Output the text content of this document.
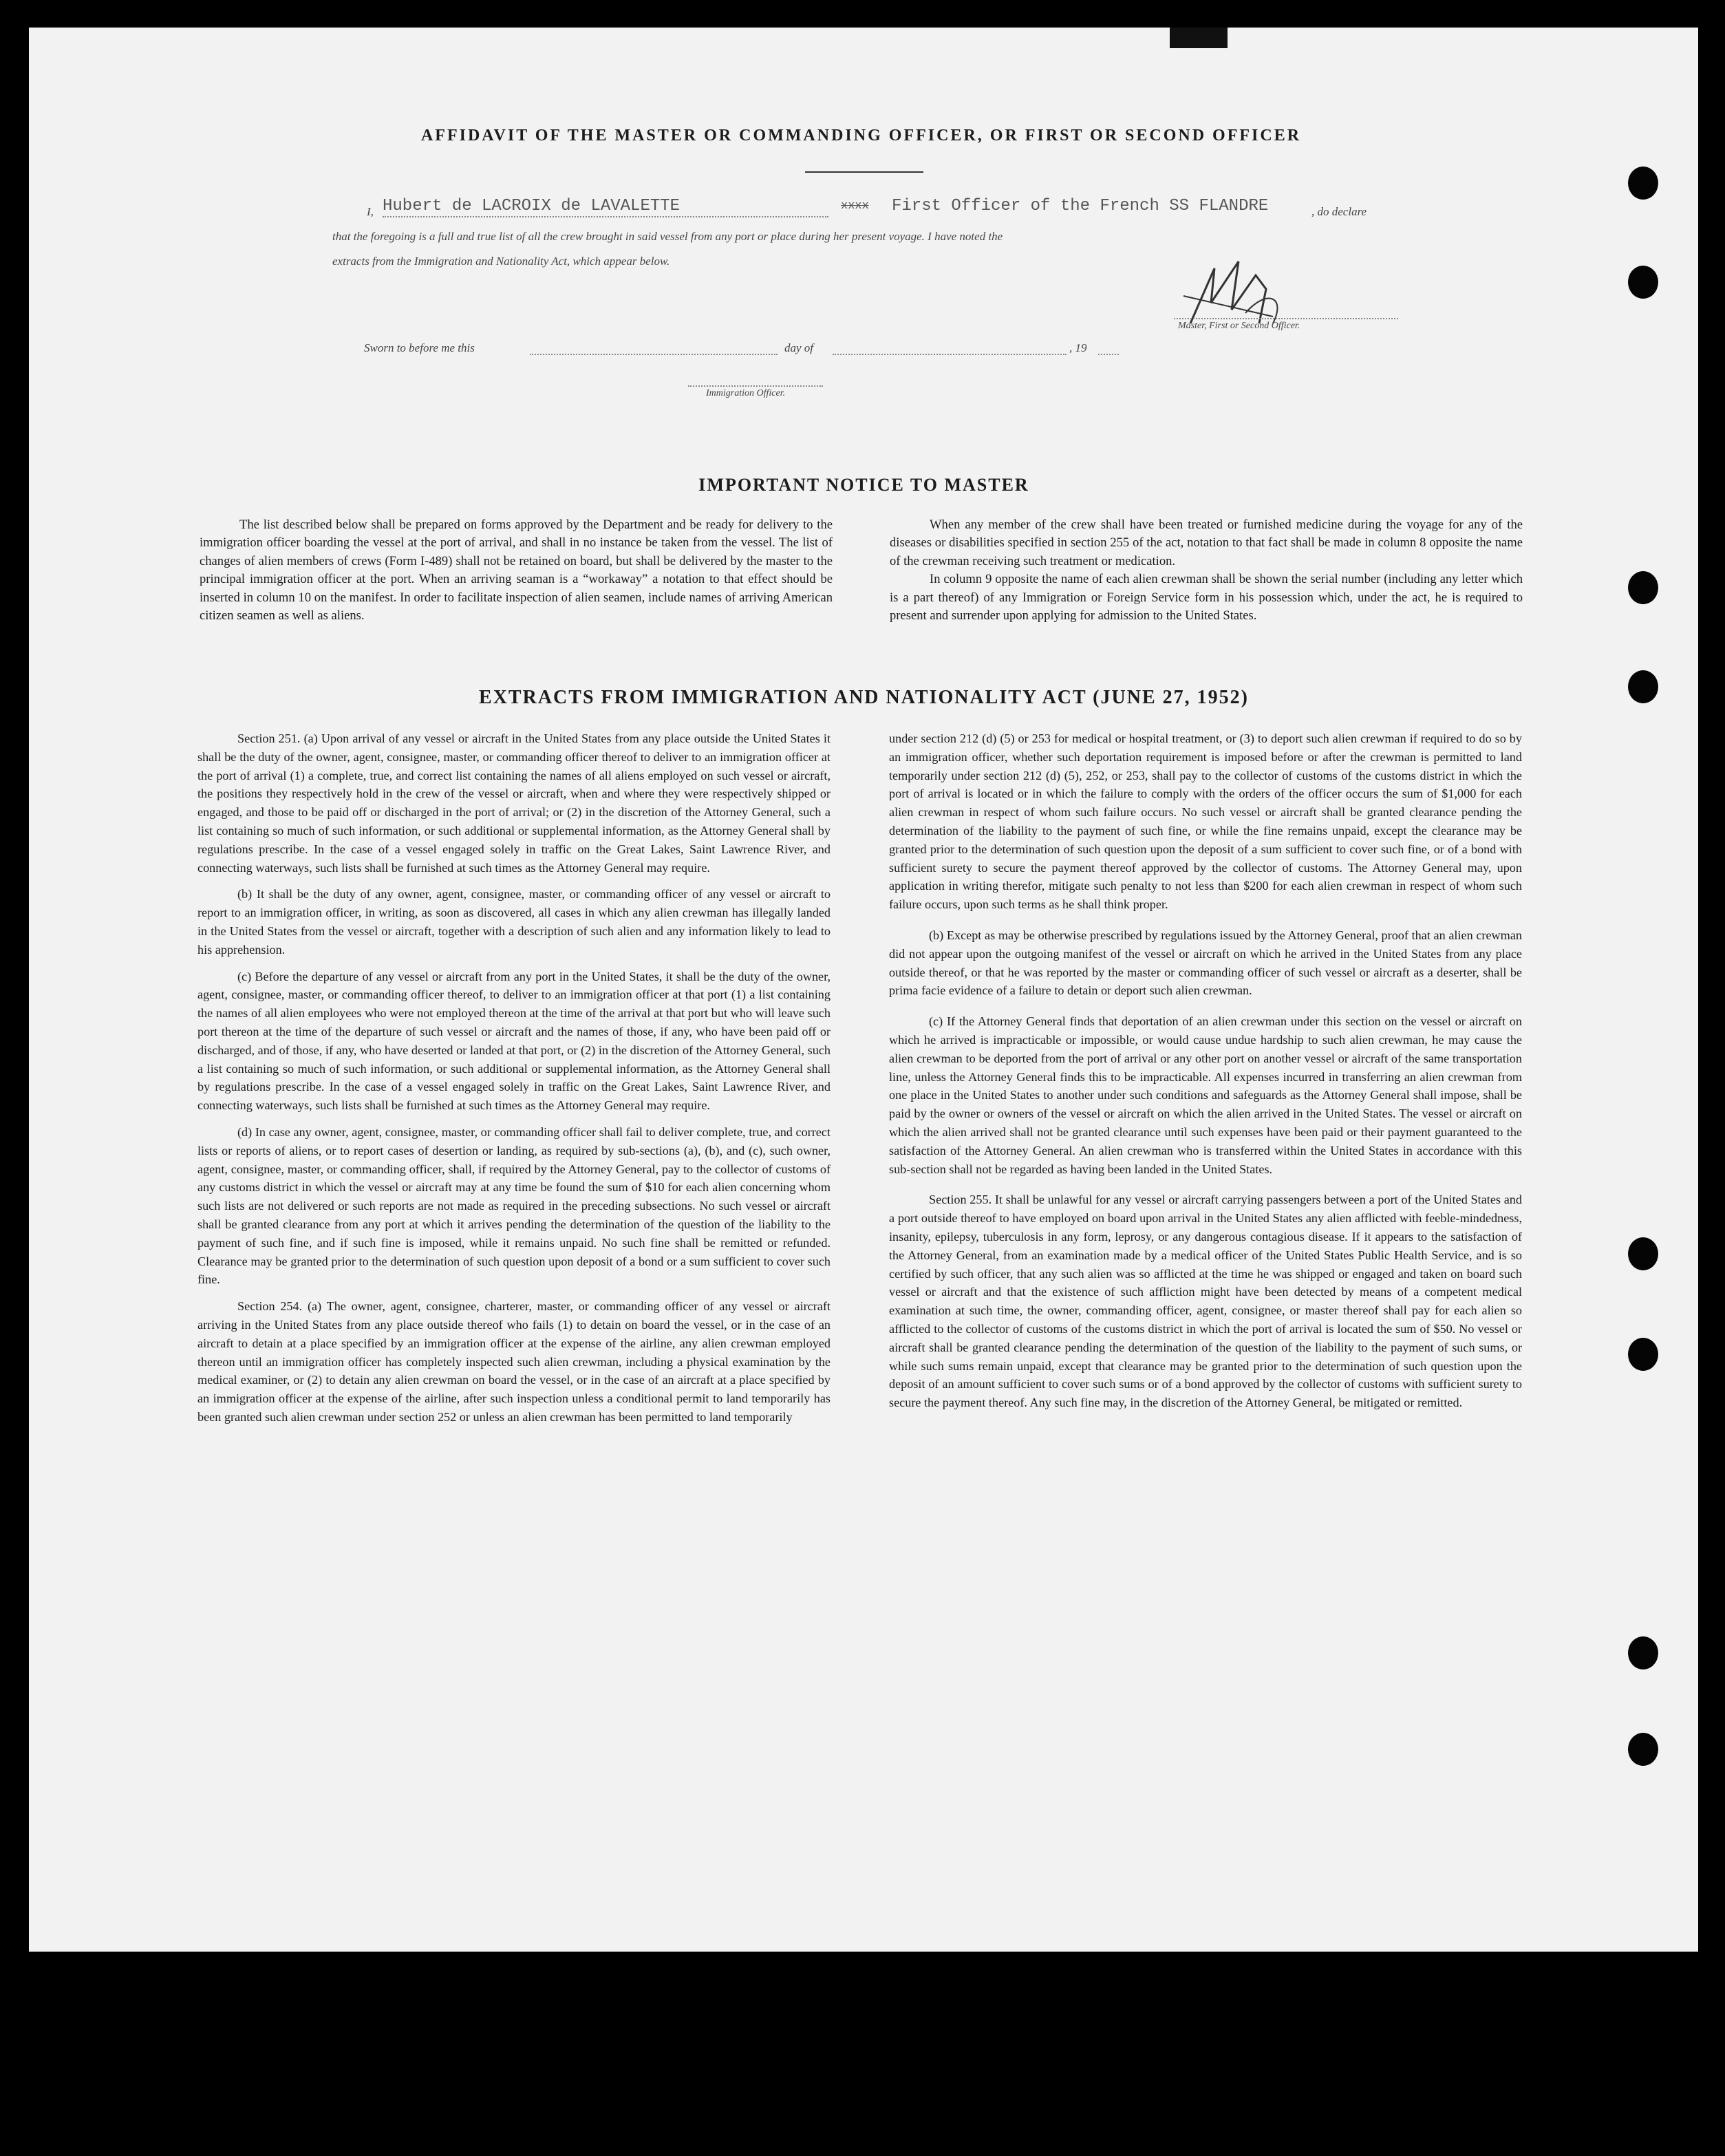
AFFIDAVIT OF THE MASTER OR COMMANDING OFFICER, OR FIRST OR SECOND OFFICER
I, Hubert de LACROIX de LAVALETTE	xxxx First Officer of the French SS FLANDRE	, do declare
that the foregoing is a full and true list of all the crew brought in said vessel from any port or place during her present voyage. I have noted the
extracts from the Immigration and Nationality Act, which appear below.
Master, First or Second Officer.
Sworn to before me this	day of	, 19
Immigration Officer.
IMPORTANT NOTICE TO MASTER

The list described below shall be prepared on forms approved by the Department and be ready for delivery to the immigration officer boarding the vessel at the port of arrival, and shall in no instance be taken from the vessel. The list of changes of alien members of crews (Form I-489) shall not be retained on board, but shall be delivered by the master to the principal immigration officer at the port. When an arriving seaman is a “workaway” a notation to that effect should be inserted in column 10 on the manifest. In order to facilitate inspection of alien seamen, include names of arriving American citizen seamen as well as aliens.

When any member of the crew shall have been treated or furnished medicine during the voyage for any of the diseases or disabilities specified in section 255 of the act, notation to that fact shall be made in column 8 opposite the name of the crewman receiving such treatment or medication.

In column 9 opposite the name of each alien crewman shall be shown the serial number (including any letter which is a part thereof) of any Immigration or Foreign Service form in his possession which, under the act, he is required to present and surrender upon applying for admission to the United States.

EXTRACTS FROM IMMIGRATION AND NATIONALITY ACT (JUNE 27, 1952)

Section 251. (a) Upon arrival of any vessel or aircraft in the United States from any place outside the United States it shall be the duty of the owner, agent, consignee, master, or commanding officer thereof to deliver to an immigration officer at the port of arrival (1) a complete, true, and correct list containing the names of all aliens employed on such vessel or aircraft, the positions they respectively hold in the crew of the vessel or aircraft, when and where they were respectively shipped or engaged, and those to be paid off or discharged in the port of arrival; or (2) in the discretion of the Attorney General, such a list containing so much of such information, or such additional or supplemental information, as the Attorney General shall by regulations prescribe. In the case of a vessel engaged solely in traffic on the Great Lakes, Saint Lawrence River, and connecting waterways, such lists shall be furnished at such times as the Attorney General may require.

(b) It shall be the duty of any owner, agent, consignee, master, or commanding officer of any vessel or aircraft to report to an immigration officer, in writing, as soon as discovered, all cases in which any alien crewman has illegally landed in the United States from the vessel or aircraft, together with a description of such alien and any information likely to lead to his apprehension.

(c) Before the departure of any vessel or aircraft from any port in the United States, it shall be the duty of the owner, agent, consignee, master, or commanding officer thereof, to deliver to an immigration officer at that port (1) a list containing the names of all alien employees who were not employed thereon at the time of the arrival at that port but who will leave such port thereon at the time of the departure of such vessel or aircraft and the names of those, if any, who have been paid off or discharged, and of those, if any, who have deserted or landed at that port, or (2) in the discretion of the Attorney General, such a list containing so much of such information, or such additional or supplemental information, as the Attorney General shall by regulations prescribe. In the case of a vessel engaged solely in traffic on the Great Lakes, Saint Lawrence River, and connecting waterways, such lists shall be furnished at such times as the Attorney General may require.

(d) In case any owner, agent, consignee, master, or commanding officer shall fail to deliver complete, true, and correct lists or reports of aliens, or to report cases of desertion or landing, as required by sub-sections (a), (b), and (c), such owner, agent, consignee, master, or commanding officer, shall, if required by the Attorney General, pay to the collector of customs of any customs district in which the vessel or aircraft may at any time be found the sum of $10 for each alien concerning whom such lists are not delivered or such reports are not made as required in the preceding subsections. No such vessel or aircraft shall be granted clearance from any port at which it arrives pending the determination of the question of the liability to the payment of such fine, and if such fine is imposed, while it remains unpaid. No such fine shall be remitted or refunded. Clearance may be granted prior to the determination of such question upon deposit of a bond or a sum sufficient to cover such fine.

Section 254. (a) The owner, agent, consignee, charterer, master, or commanding officer of any vessel or aircraft arriving in the United States from any place outside thereof who fails (1) to detain on board the vessel, or in the case of an aircraft to detain at a place specified by an immigration officer at the expense of the airline, any alien crewman employed thereon until an immigration officer has completely inspected such alien crewman, including a physical examination by the medical examiner, or (2) to detain any alien crewman on board the vessel, or in the case of an aircraft at a place specified by an immigration officer at the expense of the airline, after such inspection unless a conditional permit to land temporarily has been granted such alien crewman under section 252 or unless an alien crewman has been permitted to land temporarily

under section 212 (d) (5) or 253 for medical or hospital treatment, or (3) to deport such alien crewman if required to do so by an immigration officer, whether such deportation requirement is imposed before or after the crewman is permitted to land temporarily under section 212 (d) (5), 252, or 253, shall pay to the collector of customs of the customs district in which the port of arrival is located or in which the failure to comply with the orders of the officer occurs the sum of $1,000 for each alien crewman in respect of whom such failure occurs. No such vessel or aircraft shall be granted clearance pending the determination of the liability to the payment of such fine, or while the fine remains unpaid, except the clearance may be granted prior to the determination of such question upon the deposit of a sum sufficient to cover such fine, or of a bond with sufficient surety to secure the payment thereof approved by the collector of customs. The Attorney General may, upon application in writing therefor, mitigate such penalty to not less than $200 for each alien crewman in respect of whom such failure occurs, upon such terms as he shall think proper.

(b) Except as may be otherwise prescribed by regulations issued by the Attorney General, proof that an alien crewman did not appear upon the outgoing manifest of the vessel or aircraft on which he arrived in the United States from any place outside thereof, or that he was reported by the master or commanding officer of such vessel or aircraft as a deserter, shall be prima facie evidence of a failure to detain or deport such alien crewman.

(c) If the Attorney General finds that deportation of an alien crewman under this section on the vessel or aircraft on which he arrived is impracticable or impossible, or would cause undue hardship to such alien crewman, he may cause the alien crewman to be deported from the port of arrival or any other port on another vessel or aircraft of the same transportation line, unless the Attorney General finds this to be impracticable. All expenses incurred in transferring an alien crewman from one place in the United States to another under such conditions and safeguards as the Attorney General shall impose, shall be paid by the owner or owners of the vessel or aircraft on which the alien arrived in the United States. The vessel or aircraft on which the alien arrived shall not be granted clearance until such expenses have been paid or their payment guaranteed to the satisfaction of the Attorney General. An alien crewman who is transferred within the United States in accordance with this sub-section shall not be regarded as having been landed in the United States.

Section 255. It shall be unlawful for any vessel or aircraft carrying passengers between a port of the United States and a port outside thereof to have employed on board upon arrival in the United States any alien afflicted with feeble-mindedness, insanity, epilepsy, tuberculosis in any form, leprosy, or any dangerous contagious disease. If it appears to the satisfaction of the Attorney General, from an examination made by a medical officer of the United States Public Health Service, and is so certified by such officer, that any such alien was so afflicted at the time he was shipped or engaged and taken on board such vessel or aircraft and that the existence of such affliction might have been detected by means of a competent medical examination at such time, the owner, commanding officer, agent, consignee, or master thereof shall pay for each alien so afflicted to the collector of customs of the customs district in which the port of arrival is located the sum of $50. No vessel or aircraft shall be granted clearance pending the determination of the question of the liability to the payment of such sums, or while such sums remain unpaid, except that clearance may be granted prior to the determination of such question upon the deposit of an amount sufficient to cover such sums or of a bond approved by the collector of customs with sufficient surety to secure the payment thereof. Any such fine may, in the discretion of the Attorney General, be mitigated or remitted.
